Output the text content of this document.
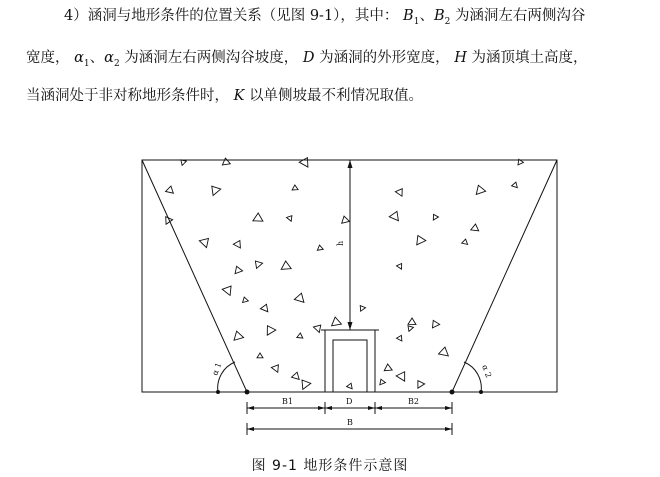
4）涵洞与地形条件的位置关系（见图 9-1），其中： $B_1$、$B_2$ 为涵洞左右两侧沟谷
宽度， $\alpha_1$、$\alpha_2$ 为涵洞左右两侧沟谷坡度， D 为涵洞的外形宽度， H 为涵顶填土高度，
当涵洞处于非对称地形条件时， K 以单侧坡最不利情况取值。
h
α 1	α 2
B1	D	B2
B
图 9-1 地形条件示意图
